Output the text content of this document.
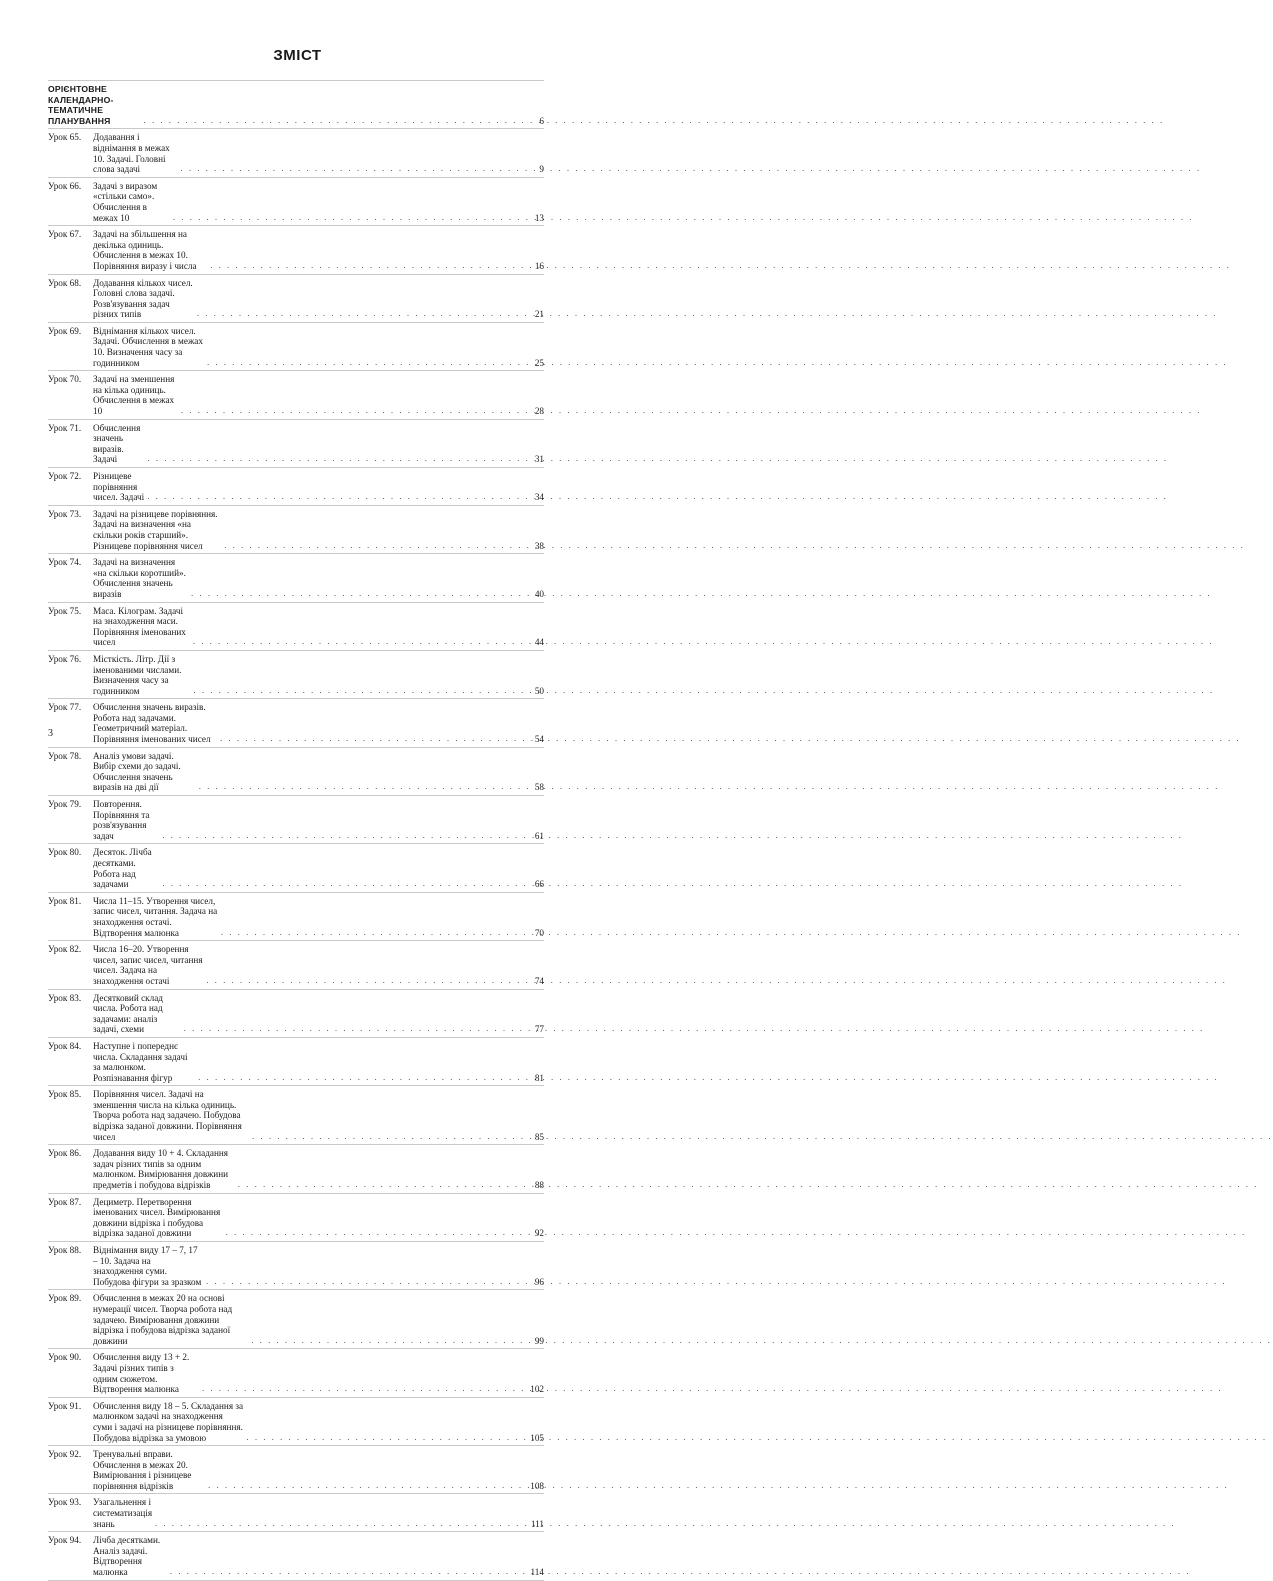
ЗМІСТ
ОРІЄНТОВНЕ КАЛЕНДАРНО-ТЕМАТИЧНЕ ПЛАНУВАННЯ . . .	6
Урок 65.	Додавання і віднімання в межах 10. Задачі. Головні слова задачі . . .	9
Урок 66.	Задачі з виразом «стільки само». Обчислення в межах 10 . . .	13
Урок 67.	Задачі на збільшення на декілька одиниць. Обчислення в межах 10. Порівняння виразу і числа . . .	16
Урок 68.	Додавання кількох чисел. Головні слова задачі. Розв'язування задач різних типів . . .	21
Урок 69.	Віднімання кількох чисел. Задачі. Обчислення в межах 10. Визначення часу за годинником . . .	25
Урок 70.	Задачі на зменшення на кілька одиниць. Обчислення в межах 10 . . .	28
Урок 71.	Обчислення значень виразів. Задачі . . .	31
Урок 72.	Різницеве порівняння чисел. Задачі . . .	34
Урок 73.	Задачі на різницеве порівняння. Задачі на визначення «на скільки років старший». Різницеве порівняння чисел . . .	38
Урок 74.	Задачі на визначення «на скільки коротший». Обчислення значень виразів . . .	40
Урок 75.	Маса. Кілограм. Задачі на знаходження маси. Порівняння іменованих чисел . . .	44
Урок 76.	Місткість. Літр. Дії з іменованими числами. Визначення часу за годинником . . .	50
Урок 77.	Обчислення значень виразів. Робота над задачами. Геометричний матеріал. Порівняння іменованих чисел . . .	54
Урок 78.	Аналіз умови задачі. Вибір схеми до задачі. Обчислення значень виразів на дві дії . . .	58
Урок 79.	Повторення. Порівняння та розв'язування задач . . .	61
Урок 80.	Десяток. Лічба десятками. Робота над задачами . . .	66
Урок 81.	Числа 11–15. Утворення чисел, запис чисел, читання. Задача на знаходження остачі. Відтворення малюнка . . .	70
Урок 82.	Числа 16–20. Утворення чисел, запис чисел, читання чисел. Задача на знаходження остачі . . .	74
Урок 83.	Десятковий склад числа. Робота над задачами: аналіз задачі, схеми . . .	77
Урок 84.	Наступне і попереднє числа. Складання задачі за малюнком. Розпізнавання фігур . . .	81
Урок 85.	Порівняння чисел. Задачі на зменшення числа на кілька одиниць. Творча робота над задачею. Побудова відрізка заданої довжини. Порівняння чисел . . .	85
Урок 86.	Додавання виду 10 + 4. Складання задач різних типів за одним малюнком. Вимірювання довжини предметів і побудова відрізків . . .	88
Урок 87.	Дециметр. Перетворення іменованих чисел. Вимірювання довжини відрізка і побудова відрізка заданої довжини . . .	92
Урок 88.	Віднімання виду 17 – 7, 17 – 10. Задача на знаходження суми. Побудова фігури за зразком . . .	96
Урок 89.	Обчислення в межах 20 на основі нумерації чисел. Творча робота над задачею. Вимірювання довжини відрізка і побудова відрізка заданої довжини . . .	99
Урок 90.	Обчислення виду 13 + 2. Задачі різних типів з одним сюжетом. Відтворення малюнка . . .	102
Урок 91.	Обчислення виду 18 – 5. Складання за малюнком задачі на знаходження суми і задачі на різницеве порівняння. Побудова відрізка за умовою . . .	105
Урок 92.	Тренувальні вправи. Обчислення в межах 20. Вимірювання і різницеве порівняння відрізків . . .	108
Урок 93.	Узагальнення і систематизація знань . . .	111
Урок 94.	Лічба десятками. Аналіз задачі. Відтворення малюнка . . .	114
3
